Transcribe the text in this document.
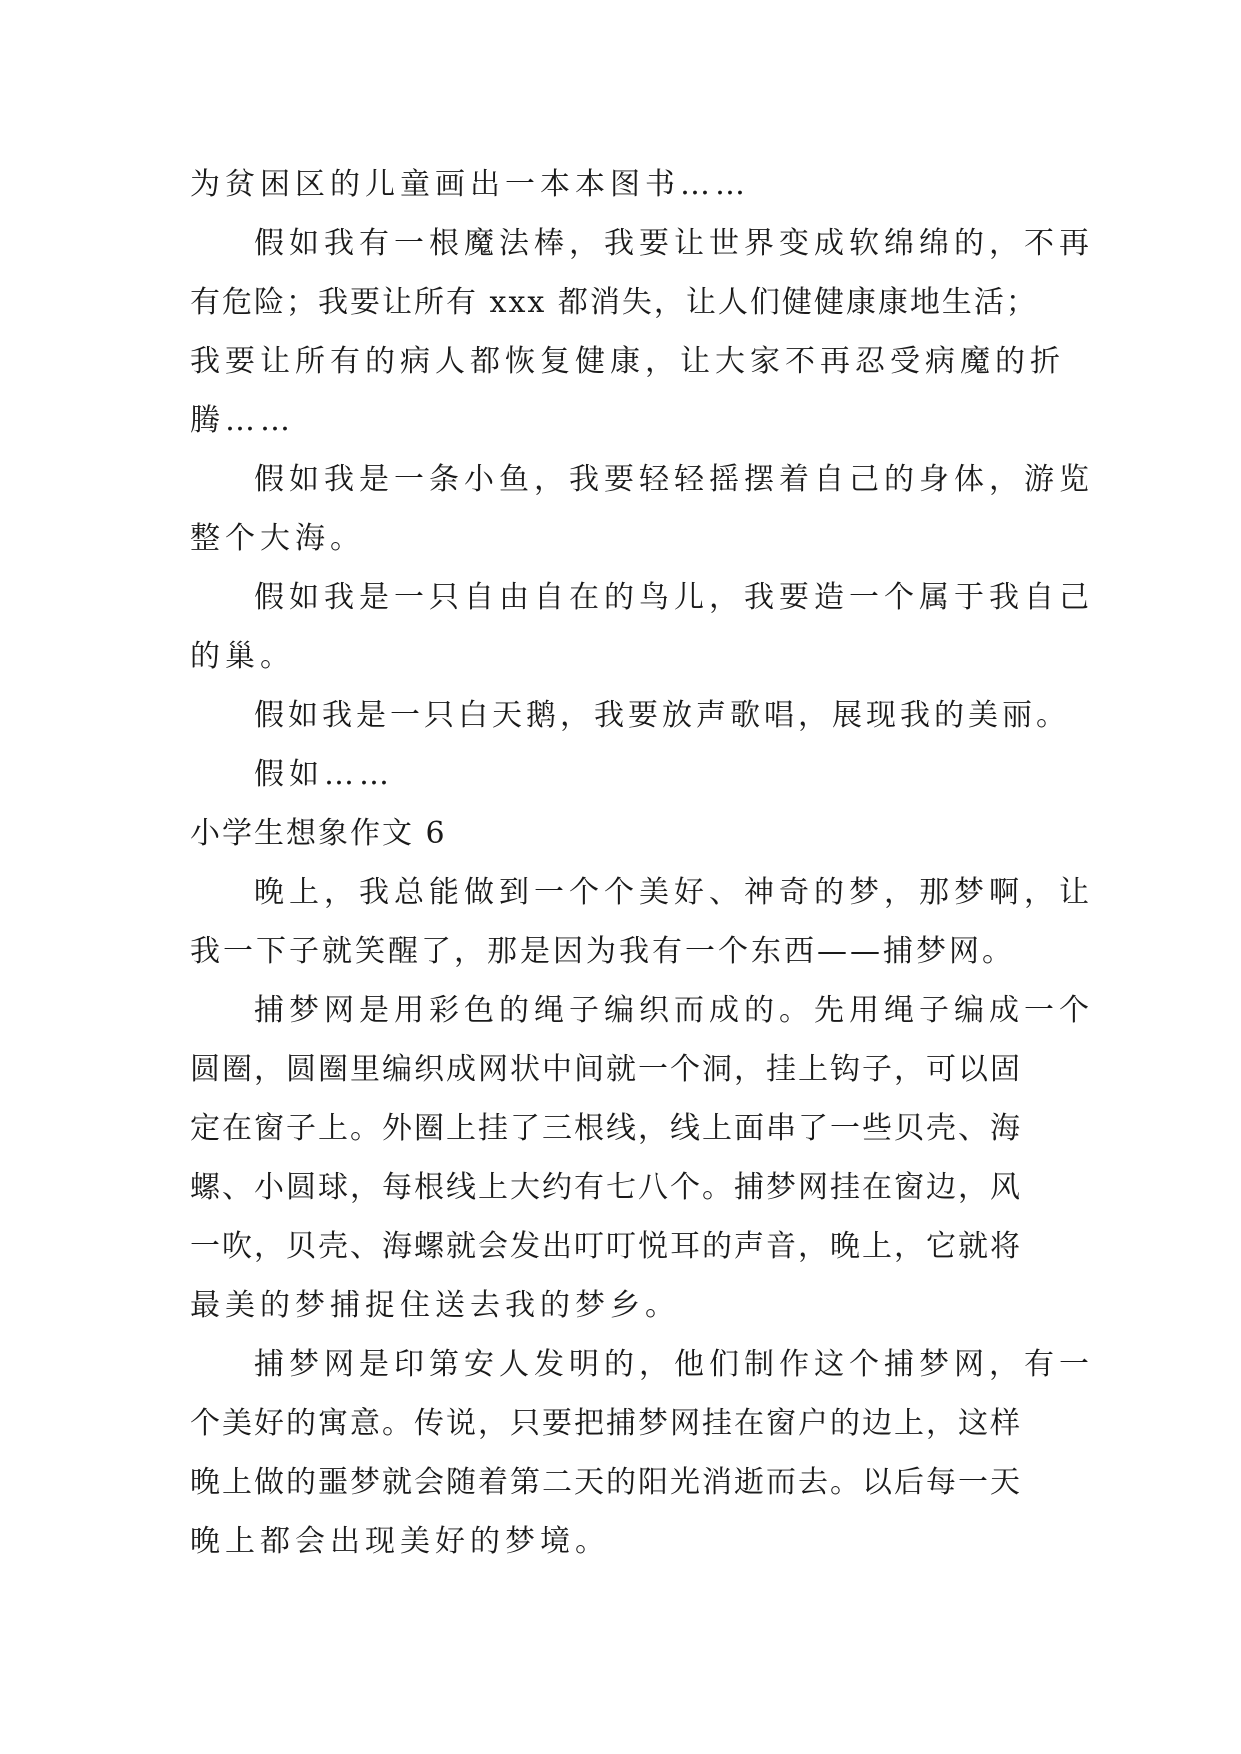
为贫困区的儿童画出一本本图书……
假如我有一根魔法棒，我要让世界变成软绵绵的，不再
有危险；我要让所有 xxx 都消失，让人们健健康康地生活；
我要让所有的病人都恢复健康，让大家不再忍受病魔的折
腾……
假如我是一条小鱼，我要轻轻摇摆着自己的身体，游览
整个大海。
假如我是一只自由自在的鸟儿，我要造一个属于我自己
的巢。
假如我是一只白天鹅，我要放声歌唱，展现我的美丽。
假如……
小学生想象作文 6
晚上，我总能做到一个个美好、神奇的梦，那梦啊，让
我一下子就笑醒了，那是因为我有一个东西——捕梦网。
捕梦网是用彩色的绳子编织而成的。先用绳子编成一个
圆圈，圆圈里编织成网状中间就一个洞，挂上钩子，可以固
定在窗子上。外圈上挂了三根线，线上面串了一些贝壳、海
螺、小圆球，每根线上大约有七八个。捕梦网挂在窗边，风
一吹，贝壳、海螺就会发出叮叮悦耳的声音，晚上，它就将
最美的梦捕捉住送去我的梦乡。
捕梦网是印第安人发明的，他们制作这个捕梦网，有一
个美好的寓意。传说，只要把捕梦网挂在窗户的边上，这样
晚上做的噩梦就会随着第二天的阳光消逝而去。以后每一天
晚上都会出现美好的梦境。
